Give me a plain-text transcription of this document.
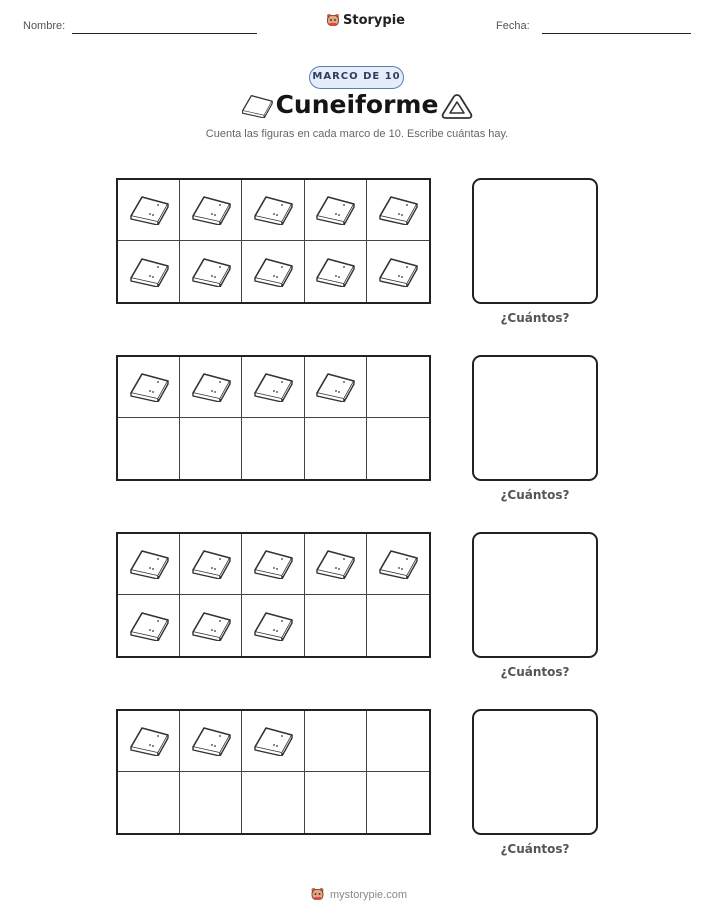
Nombre:	Storypie	Fecha:
MARCO DE 10
Cuneiforme
Cuenta las figuras en cada marco de 10. Escribe cuántas hay.
¿Cuántos?
¿Cuántos?
¿Cuántos?
¿Cuántos?
mystorypie.com
